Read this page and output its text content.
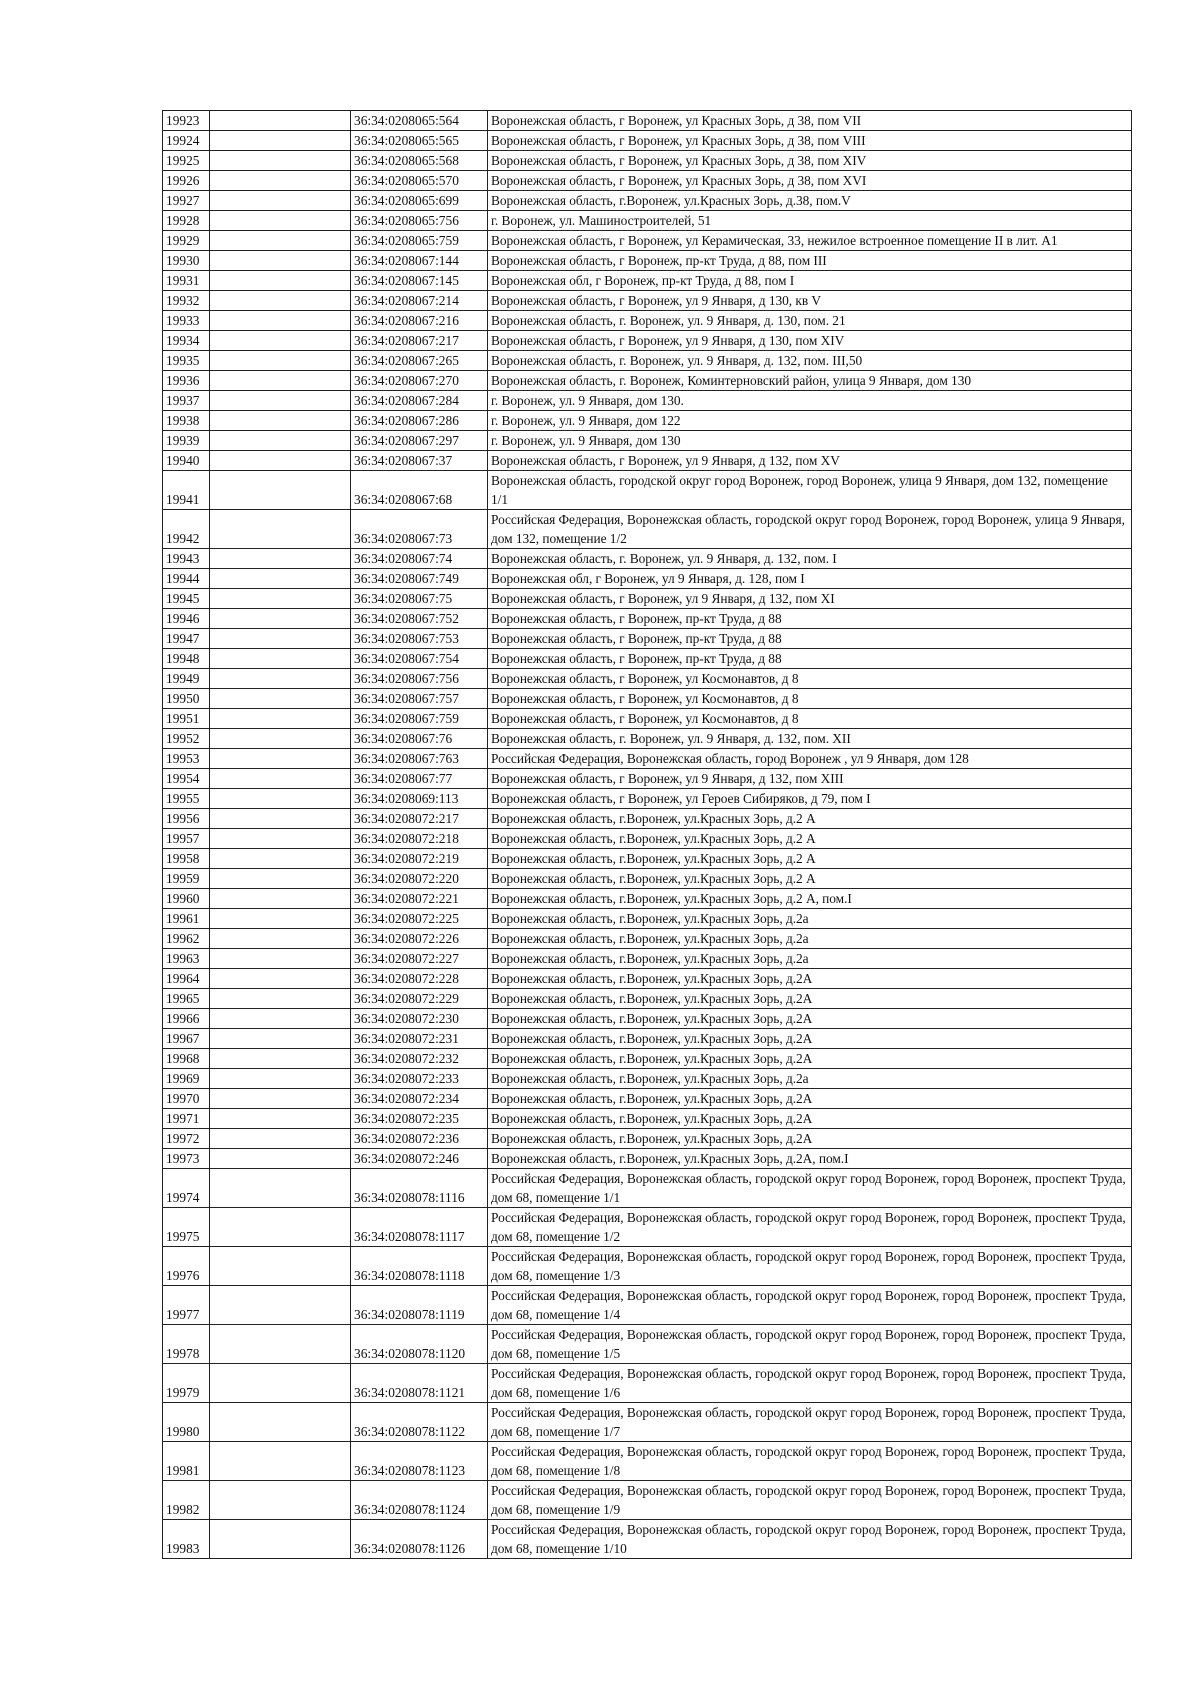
19923		36:34:0208065:564	Воронежская область, г Воронеж, ул Красных Зорь, д 38, пом VII
19924		36:34:0208065:565	Воронежская область, г Воронеж, ул Красных Зорь, д 38, пом VIII
19925		36:34:0208065:568	Воронежская область, г Воронеж, ул Красных Зорь, д 38, пом XIV
19926		36:34:0208065:570	Воронежская область, г Воронеж, ул Красных Зорь, д 38, пом XVI
19927		36:34:0208065:699	Воронежская область, г.Воронеж, ул.Красных Зорь, д.38, пом.V
19928		36:34:0208065:756	г. Воронеж, ул. Машиностроителей, 51
19929		36:34:0208065:759	Воронежская область, г Воронеж, ул Керамическая, 33, нежилое встроенное помещение II в лит. А1
19930		36:34:0208067:144	Воронежская область, г Воронеж, пр-кт Труда, д 88, пом III
19931		36:34:0208067:145	Воронежская обл, г Воронеж, пр-кт Труда, д 88, пом I
19932		36:34:0208067:214	Воронежская область, г Воронеж, ул 9 Января, д 130, кв V
19933		36:34:0208067:216	Воронежская область, г. Воронеж, ул. 9 Января, д. 130, пом. 21
19934		36:34:0208067:217	Воронежская область, г Воронеж, ул 9 Января, д 130, пом XIV
19935		36:34:0208067:265	Воронежская область, г. Воронеж, ул. 9 Января, д. 132, пом. III,50
19936		36:34:0208067:270	Воронежская область, г. Воронеж, Коминтерновский район, улица 9 Января, дом 130
19937		36:34:0208067:284	г. Воронеж, ул. 9 Января, дом 130.
19938		36:34:0208067:286	г. Воронеж, ул. 9 Января, дом 122
19939		36:34:0208067:297	г. Воронеж, ул. 9 Января, дом 130
19940		36:34:0208067:37	Воронежская область, г Воронеж, ул 9 Января, д 132, пом XV
19941		36:34:0208067:68	Воронежская область, городской округ город Воронеж, город Воронеж, улица 9 Января, дом 132, помещение 1/1
19942		36:34:0208067:73	Российская Федерация, Воронежская область, городской округ город Воронеж, город Воронеж, улица 9 Января, дом 132, помещение 1/2
19943		36:34:0208067:74	Воронежская область, г. Воронеж, ул. 9 Января, д. 132, пом. I
19944		36:34:0208067:749	Воронежская обл, г Воронеж, ул 9 Января, д. 128, пом I
19945		36:34:0208067:75	Воронежская область, г Воронеж, ул 9 Января, д 132, пом XI
19946		36:34:0208067:752	Воронежская область, г Воронеж, пр-кт Труда, д 88
19947		36:34:0208067:753	Воронежская область, г Воронеж, пр-кт Труда, д 88
19948		36:34:0208067:754	Воронежская область, г Воронеж, пр-кт Труда, д 88
19949		36:34:0208067:756	Воронежская область, г Воронеж, ул Космонавтов, д 8
19950		36:34:0208067:757	Воронежская область, г Воронеж, ул Космонавтов, д 8
19951		36:34:0208067:759	Воронежская область, г Воронеж, ул Космонавтов, д 8
19952		36:34:0208067:76	Воронежская область, г. Воронеж, ул. 9 Января, д. 132, пом. XII
19953		36:34:0208067:763	Российская Федерация, Воронежская область, город Воронеж , ул 9 Января, дом 128
19954		36:34:0208067:77	Воронежская область, г Воронеж, ул 9 Января, д 132, пом XIII
19955		36:34:0208069:113	Воронежская область, г Воронеж, ул Героев Сибиряков, д 79, пом I
19956		36:34:0208072:217	Воронежская область, г.Воронеж, ул.Красных Зорь, д.2 А
19957		36:34:0208072:218	Воронежская область, г.Воронеж, ул.Красных Зорь, д.2 А
19958		36:34:0208072:219	Воронежская область, г.Воронеж, ул.Красных Зорь, д.2 А
19959		36:34:0208072:220	Воронежская область, г.Воронеж, ул.Красных Зорь, д.2 А
19960		36:34:0208072:221	Воронежская область, г.Воронеж, ул.Красных Зорь, д.2 А, пом.I
19961		36:34:0208072:225	Воронежская область, г.Воронеж, ул.Красных Зорь, д.2а
19962		36:34:0208072:226	Воронежская область, г.Воронеж, ул.Красных Зорь, д.2а
19963		36:34:0208072:227	Воронежская область, г.Воронеж, ул.Красных Зорь, д.2а
19964		36:34:0208072:228	Воронежская область, г.Воронеж, ул.Красных Зорь, д.2А
19965		36:34:0208072:229	Воронежская область, г.Воронеж, ул.Красных Зорь, д.2А
19966		36:34:0208072:230	Воронежская область, г.Воронеж, ул.Красных Зорь, д.2А
19967		36:34:0208072:231	Воронежская область, г.Воронеж, ул.Красных Зорь, д.2А
19968		36:34:0208072:232	Воронежская область, г.Воронеж, ул.Красных Зорь, д.2А
19969		36:34:0208072:233	Воронежская область, г.Воронеж, ул.Красных Зорь, д.2а
19970		36:34:0208072:234	Воронежская область, г.Воронеж, ул.Красных Зорь, д.2А
19971		36:34:0208072:235	Воронежская область, г.Воронеж, ул.Красных Зорь, д.2А
19972		36:34:0208072:236	Воронежская область, г.Воронеж, ул.Красных Зорь, д.2А
19973		36:34:0208072:246	Воронежская область, г.Воронеж, ул.Красных Зорь, д.2А, пом.I
19974		36:34:0208078:1116	Российская Федерация, Воронежская область, городской округ город Воронеж, город Воронеж, проспект Труда, дом 68, помещение 1/1
19975		36:34:0208078:1117	Российская Федерация, Воронежская область, городской округ город Воронеж, город Воронеж, проспект Труда, дом 68, помещение 1/2
19976		36:34:0208078:1118	Российская Федерация, Воронежская область, городской округ город Воронеж, город Воронеж, проспект Труда, дом 68, помещение 1/3
19977		36:34:0208078:1119	Российская Федерация, Воронежская область, городской округ город Воронеж, город Воронеж, проспект Труда, дом 68, помещение 1/4
19978		36:34:0208078:1120	Российская Федерация, Воронежская область, городской округ город Воронеж, город Воронеж, проспект Труда, дом 68, помещение 1/5
19979		36:34:0208078:1121	Российская Федерация, Воронежская область, городской округ город Воронеж, город Воронеж, проспект Труда, дом 68, помещение 1/6
19980		36:34:0208078:1122	Российская Федерация, Воронежская область, городской округ город Воронеж, город Воронеж, проспект Труда, дом 68, помещение 1/7
19981		36:34:0208078:1123	Российская Федерация, Воронежская область, городской округ город Воронеж, город Воронеж, проспект Труда, дом 68, помещение 1/8
19982		36:34:0208078:1124	Российская Федерация, Воронежская область, городской округ город Воронеж, город Воронеж, проспект Труда, дом 68, помещение 1/9
19983		36:34:0208078:1126	Российская Федерация, Воронежская область, городской округ город Воронеж, город Воронеж, проспект Труда, дом 68, помещение 1/10
